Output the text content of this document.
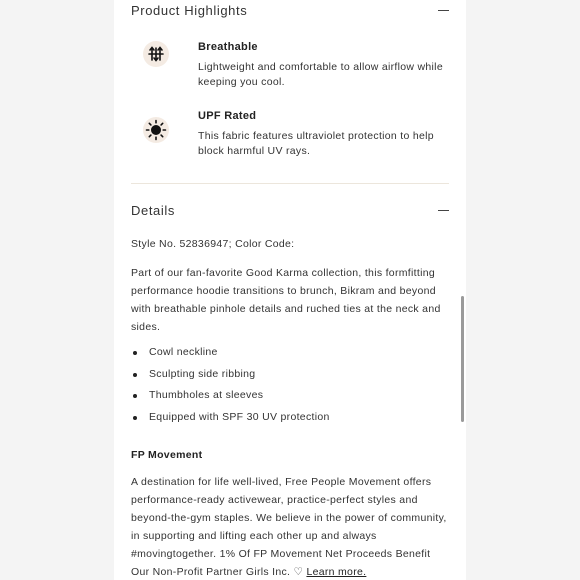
Product Highlights
Breathable
Lightweight and comfortable to allow airflow while keeping you cool.
UPF Rated
This fabric features ultraviolet protection to help block harmful UV rays.
Details
Style No. 52836947; Color Code:
Part of our fan-favorite Good Karma collection, this formfitting performance hoodie transitions to brunch, Bikram and beyond with breathable pinhole details and ruched ties at the neck and sides.
Cowl neckline
Sculpting side ribbing
Thumbholes at sleeves
Equipped with SPF 30 UV protection
FP Movement
A destination for life well-lived, Free People Movement offers performance-ready activewear, practice-perfect styles and beyond-the-gym staples. We believe in the power of community, in supporting and lifting each other up and always #movingtogether. 1% Of FP Movement Net Proceeds Benefit Our Non-Profit Partner Girls Inc. ♡ Learn more.
